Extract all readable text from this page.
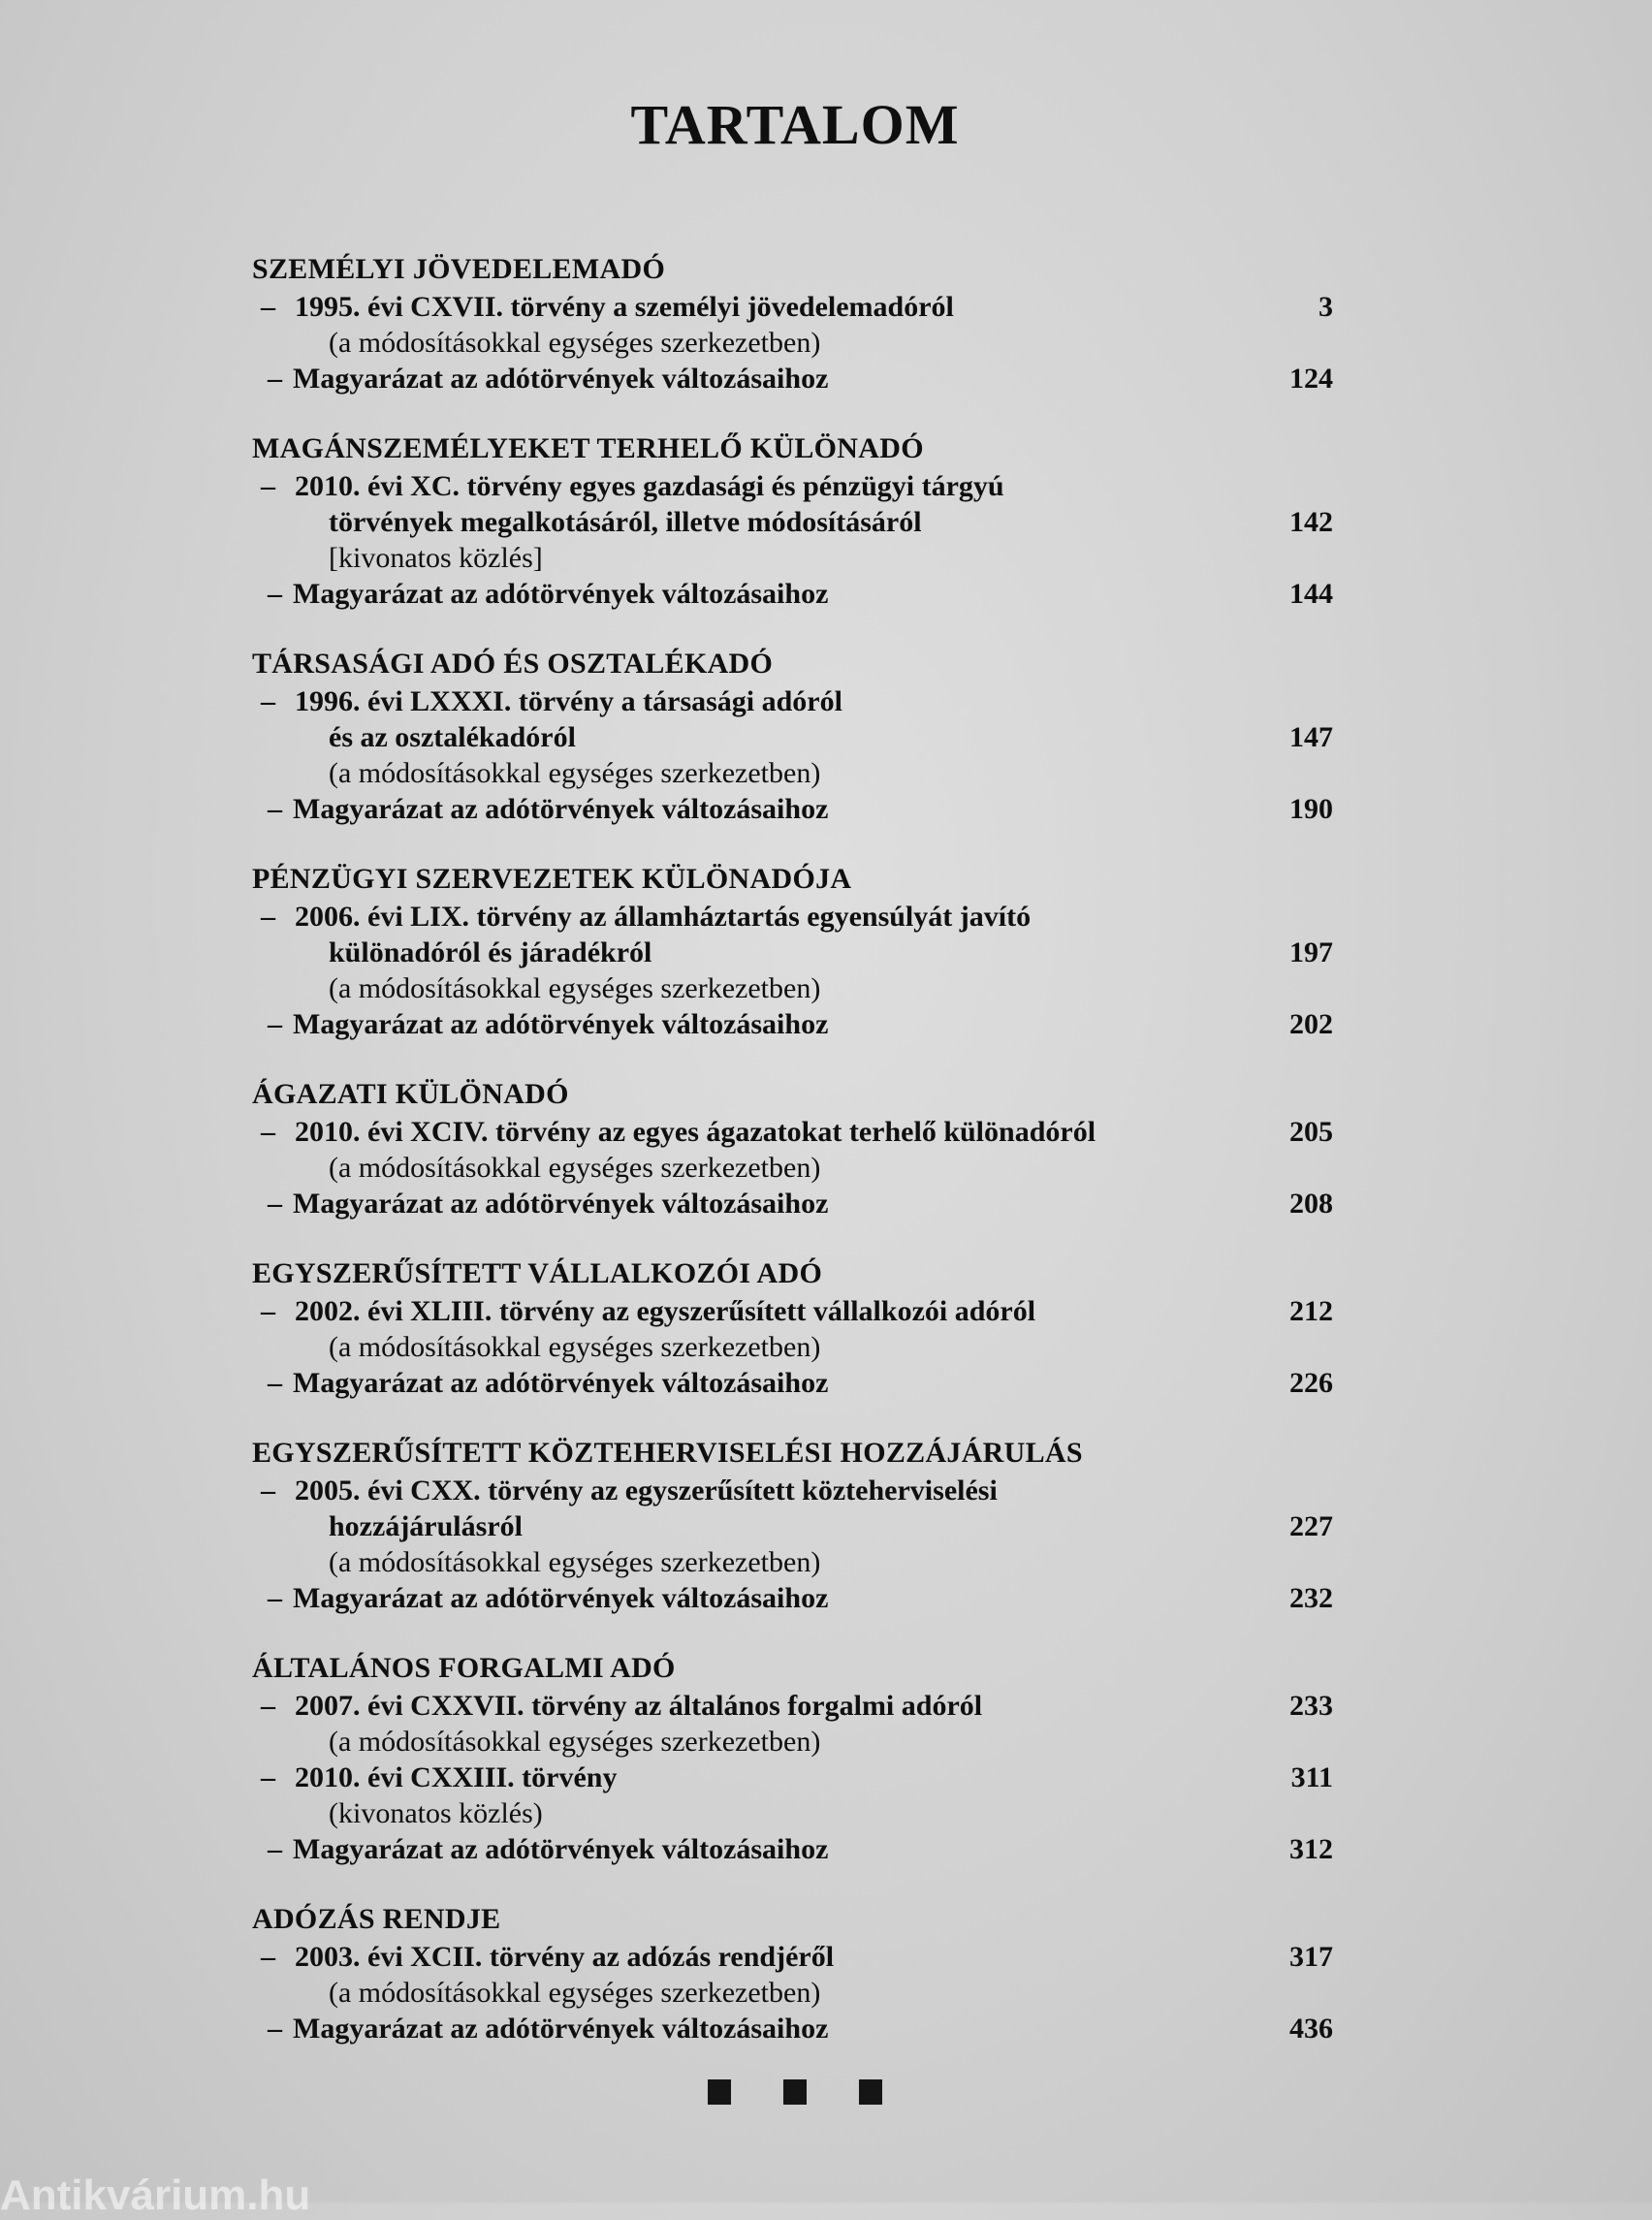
TARTALOM
SZEMÉLYI JÖVEDELEMADÓ
– 1995. évi CXVII. törvény a személyi jövedelemadóról	3
(a módosításokkal egységes szerkezetben)
– Magyarázat az adótörvények változásaihoz	124
MAGÁNSZEMÉLYEKET TERHELŐ KÜLÖNADÓ
– 2010. évi XC. törvény egyes gazdasági és pénzügyi tárgyú
törvények megalkotásáról, illetve módosításáról	142
[kivonatos közlés]
– Magyarázat az adótörvények változásaihoz	144
TÁRSASÁGI ADÓ ÉS OSZTALÉKADÓ
– 1996. évi LXXXI. törvény a társasági adóról
és az osztalékadóról	147
(a módosításokkal egységes szerkezetben)
– Magyarázat az adótörvények változásaihoz	190
PÉNZÜGYI SZERVEZETEK KÜLÖNADÓJA
– 2006. évi LIX. törvény az államháztartás egyensúlyát javító
különadóról és járadékról	197
(a módosításokkal egységes szerkezetben)
– Magyarázat az adótörvények változásaihoz	202
ÁGAZATI KÜLÖNADÓ
– 2010. évi XCIV. törvény az egyes ágazatokat terhelő különadóról	205
(a módosításokkal egységes szerkezetben)
– Magyarázat az adótörvények változásaihoz	208
EGYSZERŰSÍTETT VÁLLALKOZÓI ADÓ
– 2002. évi XLIII. törvény az egyszerűsített vállalkozói adóról	212
(a módosításokkal egységes szerkezetben)
– Magyarázat az adótörvények változásaihoz	226
EGYSZERŰSÍTETT KÖZTEHERVISELÉSI HOZZÁJÁRULÁS
– 2005. évi CXX. törvény az egyszerűsített közteherviselési
hozzájárulásról	227
(a módosításokkal egységes szerkezetben)
– Magyarázat az adótörvények változásaihoz	232
ÁLTALÁNOS FORGALMI ADÓ
– 2007. évi CXXVII. törvény az általános forgalmi adóról	233
(a módosításokkal egységes szerkezetben)
– 2010. évi CXXIII. törvény	311
(kivonatos közlés)
– Magyarázat az adótörvények változásaihoz	312
ADÓZÁS RENDJE
– 2003. évi XCII. törvény az adózás rendjéről	317
(a módosításokkal egységes szerkezetben)
– Magyarázat az adótörvények változásaihoz	436
Antikvárium.hu
